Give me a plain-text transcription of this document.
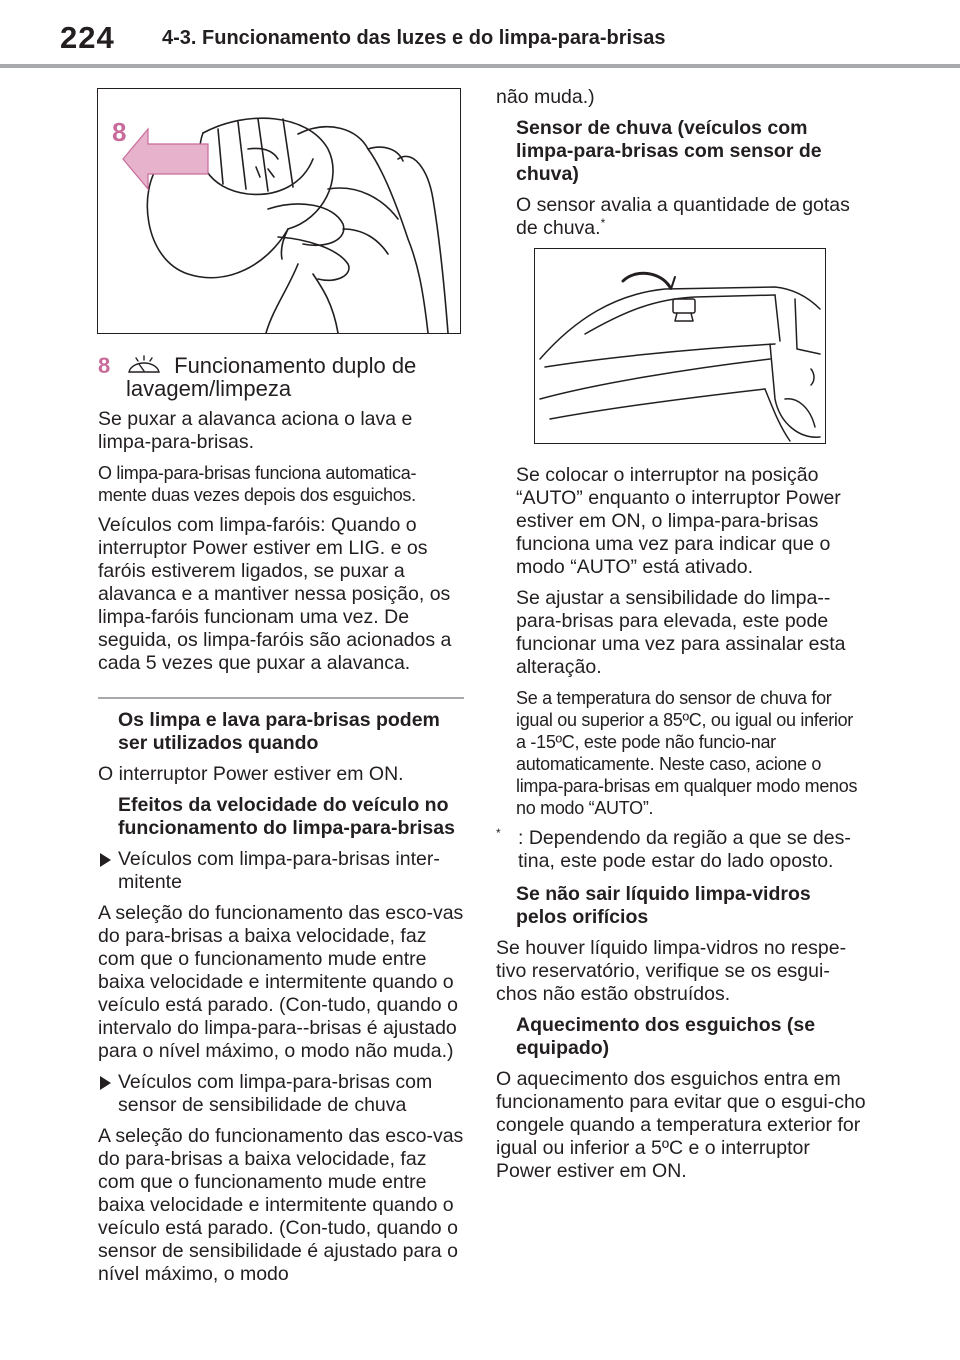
224 4-3. Funcionamento das luzes e do limpa-para-brisas
8
8	Funcionamento duplo de lavagem/limpeza

Se puxar a alavanca aciona o lava e limpa-para-brisas.

O limpa-para-brisas funciona automatica-mente duas vezes depois dos esguichos.

Veículos com limpa-faróis: Quando o interruptor Power estiver em LIG. e os faróis estiverem ligados, se puxar a alavanca e a mantiver nessa posição, os limpa-faróis funcionam uma vez. De seguida, os limpa-faróis são acionados a cada 5 vezes que puxar a alavanca.

Os limpa e lava para-brisas podem ser utilizados quando

O interruptor Power estiver em ON.

Efeitos da velocidade do veículo no funcionamento do limpa-para-brisas

Veículos com limpa-para-brisas inter-mitente

A seleção do funcionamento das esco-vas do para-brisas a baixa velocidade, faz com que o funcionamento mude entre baixa velocidade e intermitente quando o veículo está parado. (Con-tudo, quando o intervalo do limpa-para--brisas é ajustado para o nível máximo, o modo não muda.)

Veículos com limpa-para-brisas com sensor de sensibilidade de chuva

A seleção do funcionamento das esco-vas do para-brisas a baixa velocidade, faz com que o funcionamento mude entre baixa velocidade e intermitente quando o veículo está parado. (Con-tudo, quando o sensor de sensibilidade é ajustado para o nível máximo, o modo

não muda.)

Sensor de chuva (veículos com limpa-para-brisas com sensor de chuva)

O sensor avalia a quantidade de gotas de chuva.*

Se colocar o interruptor na posição “AUTO” enquanto o interruptor Power estiver em ON, o limpa-para-brisas funciona uma vez para indicar que o modo “AUTO” está ativado.

Se ajustar a sensibilidade do limpa--para-brisas para elevada, este pode funcionar uma vez para assinalar esta alteração.

Se a temperatura do sensor de chuva for igual ou superior a 85ºC, ou igual ou inferior a -15ºC, este pode não funcio-nar automaticamente. Neste caso, acione o limpa-para-brisas em qualquer modo menos no modo “AUTO”.

* : Dependendo da região a que se des-tina, este pode estar do lado oposto.

Se não sair líquido limpa-vidros pelos orifícios

Se houver líquido limpa-vidros no respe-tivo reservatório, verifique se os esgui-chos não estão obstruídos.

Aquecimento dos esguichos (se equipado)

O aquecimento dos esguichos entra em funcionamento para evitar que o esgui-cho congele quando a temperatura exterior for igual ou inferior a 5ºC e o interruptor Power estiver em ON.
